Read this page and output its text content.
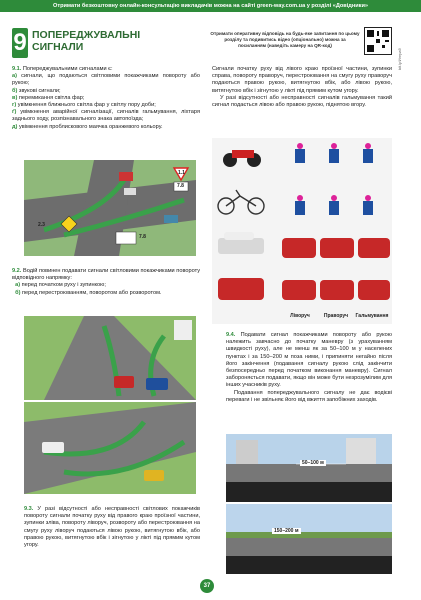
Отримати безкоштовну онлайн-консультацію викладачів можна на сайті green-way.com.ua у розділі «Довідники»
9 ПОПЕРЕДЖУВАЛЬНІ
СИГНАЛИ
Отримати оперативну відповідь на будь-яке запитання по цьому розділу та подивитись відео (опціонально) можна за посиланням (наведіть камеру на QR-код)
bit.ly/Интра9

9.1. Попереджувальними сигналами є:

а) сигнали, що подаються світловими покажчиками повороту або рукою;

б) звукові сигнали;

в) перемикання світла фар;

г) увімкнення ближнього світла фар у світлу пору доби;

ґ) увімкнення аварійної сигналізації, сигналів гальмування, ліхтаря заднього ходу, розпізнавального знака автопоїзда;

д) увімкнення проблискового маячка оранжевого кольору.

2.3
7.8
1.1
7.8

9.2. Водій повинен подавати сигнали світловими покажчиками повороту відповідного напрямку:

а) перед початком руху і зупинкою;

б) перед перестроюванням, поворотом або розворотом.

9.3. У разі відсутності або несправності світлових покажчиків повороту сигнали початку руху від правого краю проїзної частини, зупинки зліва, повороту ліворуч, розвороту або перестроювання на смугу руху ліворуч подаються лівою рукою, витягнутою вбік, або правою рукою, витягнутою вбік і зігнутою у лікті під прямим кутом угору.

Сигнали початку руху від лівого краю проїзної частини, зупинки справа, повороту праворуч, перестроювання на смугу руху праворуч подаються правою рукою, витягнутою вбік, або лівою рукою, витягнутою вбік і зігнутою у лікті під прямим кутом угору.

У разі відсутності або несправності сигналів гальмування такий сигнал подається лівою або правою рукою, піднятою вгору.

Ліворуч	Праворуч	Гальмування

9.4. Подавати сигнал покажчиками повороту або рукою належить завчасно до початку маневру (з урахуванням швидкості руху), але не менш як за 50–100 м у населених пунктах і за 150–200 м поза ними, і припиняти негайно після його закінчення (подавання сигналу рукою слід закінчити безпосередньо перед початком виконання маневру). Сигнал забороняється подавати, якщо він може бути незрозумілим для інших учасників руху.

Подавання попереджувального сигналу не дає водієві переваги і не звільняє його від вжиття запобіжних заходів.

50–100 м
150–200 м
37
